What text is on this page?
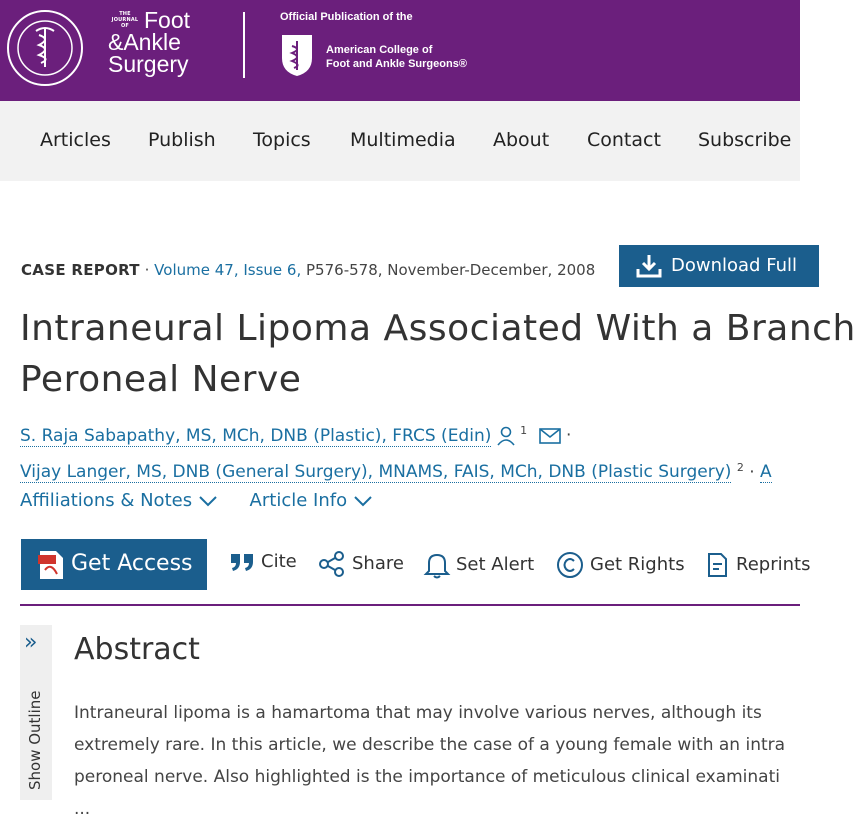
THE JOURNAL OF Foot
&Ankle
Surgery
Official Publication of the
American College of
Foot and Ankle Surgeons®
Articles Publish Topics Multimedia About Contact Subscribe
CASE REPORT · Volume 47, Issue 6, P576-578, November-December, 2008	Download Full
Intraneural Lipoma Associated With a Branch
Peroneal Nerve
S. Raja Sabapathy, MS, MCh, DNB (Plastic), FRCS (Edin)	$^1$  ·
Vijay Langer, MS, DNB (General Surgery), MNAMS, FAIS, MCh, DNB (Plastic Surgery) $^2$ · A
Affiliations & Notes	Article Info
Get Access	Cite	Share	Set Alert	Get Rights	Reprints
»
Show Outline
Abstract
Intraneural lipoma is a hamartoma that may involve various nerves, although its
extremely rare. In this article, we describe the case of a young female with an intra
peroneal nerve. Also highlighted is the importance of meticulous clinical examinati
...
